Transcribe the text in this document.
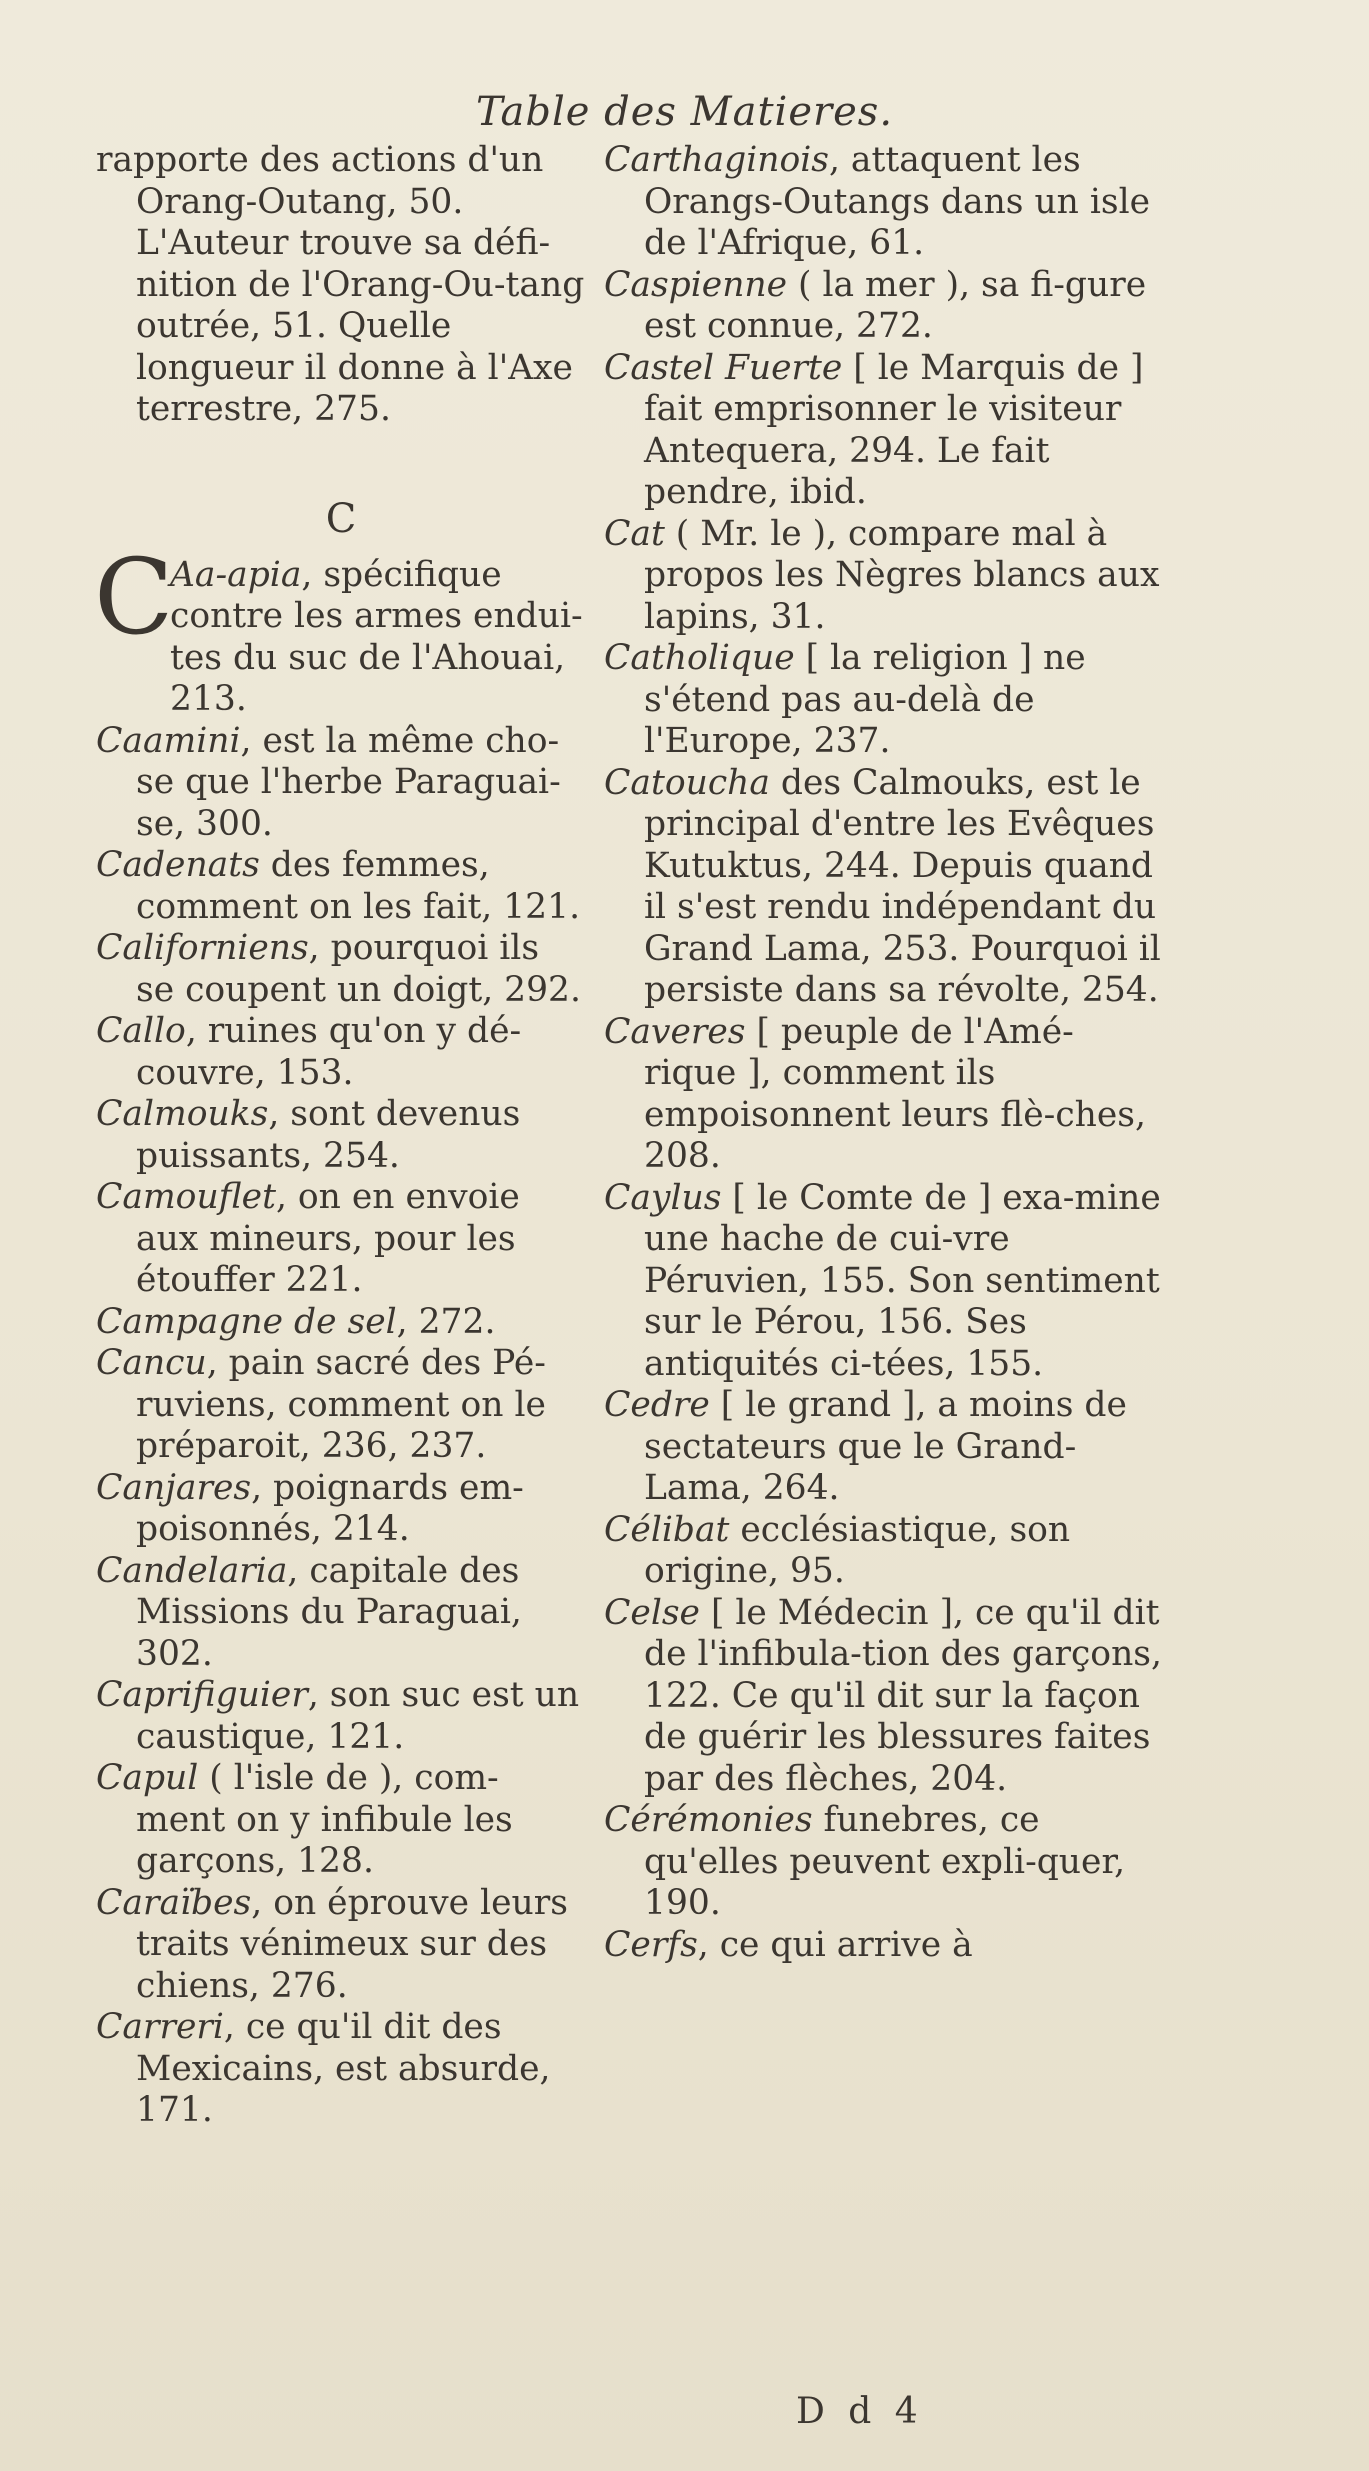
Table des Matieres.

rapporte des actions d'un Orang-Outang, 50. L'Auteur trouve sa défi-nition de l'Orang-Ou-tang outrée, 51. Quelle longueur il donne à l'Axe terrestre, 275.

C

C
Aa-apia, spécifique contre les armes endui-tes du suc de l'Ahouai, 213.

Caamini, est la même cho-se que l'herbe Paraguai-se, 300.

Cadenats des femmes, comment on les fait, 121.

Californiens, pourquoi ils se coupent un doigt, 292.

Callo, ruines qu'on y dé-couvre, 153.

Calmouks, sont devenus puissants, 254.

Camouflet, on en envoie aux mineurs, pour les étouffer 221.

Campagne de sel, 272.

Cancu, pain sacré des Pé-ruviens, comment on le préparoit, 236, 237.

Canjares, poignards em-poisonnés, 214.

Candelaria, capitale des Missions du Paraguai, 302.

Caprifiguier, son suc est un caustique, 121.

Capul ( l'isle de ), com-ment on y infibule les garçons, 128.

Caraïbes, on éprouve leurs traits vénimeux sur des chiens, 276.

Carreri, ce qu'il dit des Mexicains, est absurde, 171.

Carthaginois, attaquent les Orangs-Outangs dans un isle de l'Afrique, 61.

Caspienne ( la mer ), sa fi-gure est connue, 272.

Castel Fuerte [ le Marquis de ] fait emprisonner le visiteur Antequera, 294. Le fait pendre, ibid.

Cat ( Mr. le ), compare mal à propos les Nègres blancs aux lapins, 31.

Catholique [ la religion ] ne s'étend pas au-delà de l'Europe, 237.

Catoucha des Calmouks, est le principal d'entre les Evêques Kutuktus, 244. Depuis quand il s'est rendu indépendant du Grand Lama, 253. Pourquoi il persiste dans sa révolte, 254.

Caveres [ peuple de l'Amé-rique ], comment ils empoisonnent leurs flè-ches, 208.

Caylus [ le Comte de ] exa-mine une hache de cui-vre Péruvien, 155. Son sentiment sur le Pérou, 156. Ses antiquités ci-tées, 155.

Cedre [ le grand ], a moins de sectateurs que le Grand-Lama, 264.

Célibat ecclésiastique, son origine, 95.

Celse [ le Médecin ], ce qu'il dit de l'infibula-tion des garçons, 122. Ce qu'il dit sur la façon de guérir les blessures faites par des flèches, 204.

Cérémonies funebres, ce qu'elles peuvent expli-quer, 190.

Cerfs, ce qui arrive à

D d 4
